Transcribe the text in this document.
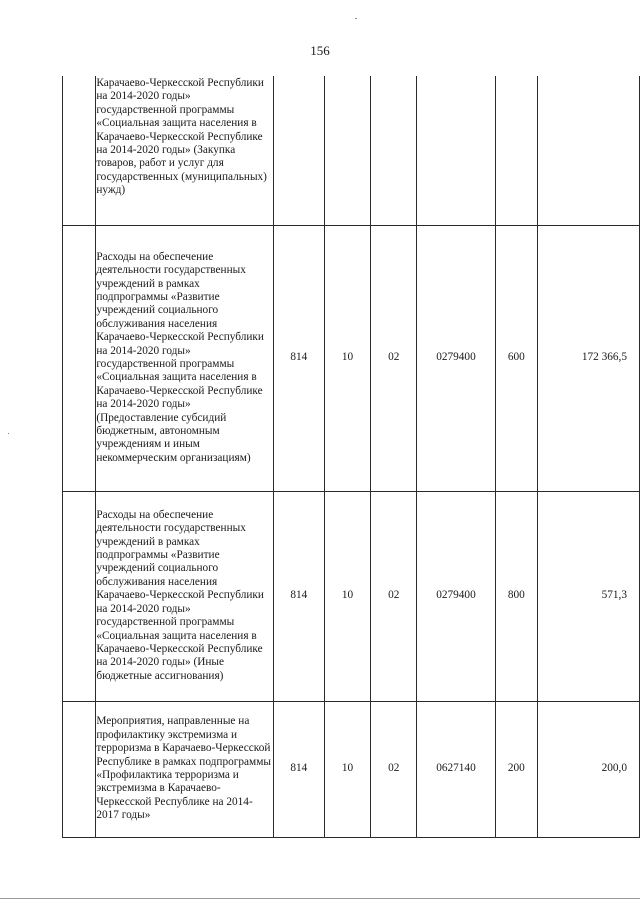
156
	Карачаево-Черкесской Республики на 2014-2020 годы» государственной программы «Социальная защита населения в Карачаево-Черкесской Республике на 2014-2020 годы» (Закупка товаров, работ и услуг для государственных (муниципальных) нужд)						
	Расходы на обеспечение деятельности государственных учреждений в рамках подпрограммы «Развитие учреждений социального обслуживания населения Карачаево-Черкесской Республики на 2014-2020 годы» государственной программы «Социальная защита населения в Карачаево-Черкесской Республике на 2014-2020 годы» (Предоставление субсидий бюджетным, автономным учреждениям и иным некоммерческим организациям)	814	10	02	0279400	600	172 366,5
	Расходы на обеспечение деятельности государственных учреждений в рамках подпрограммы «Развитие учреждений социального обслуживания населения Карачаево-Черкесской Республики на 2014-2020 годы» государственной программы «Социальная защита населения в Карачаево-Черкесской Республике на 2014-2020 годы» (Иные бюджетные ассигнования)	814	10	02	0279400	800	571,3
	Мероприятия, направленные на профилактику экстремизма и терроризма в Карачаево-Черкесской Республике в рамках подпрограммы «Профилактика терроризма и экстремизма в Карачаево-Черкесской Республике на 2014-2017 годы»	814	10	02	0627140	200	200,0
